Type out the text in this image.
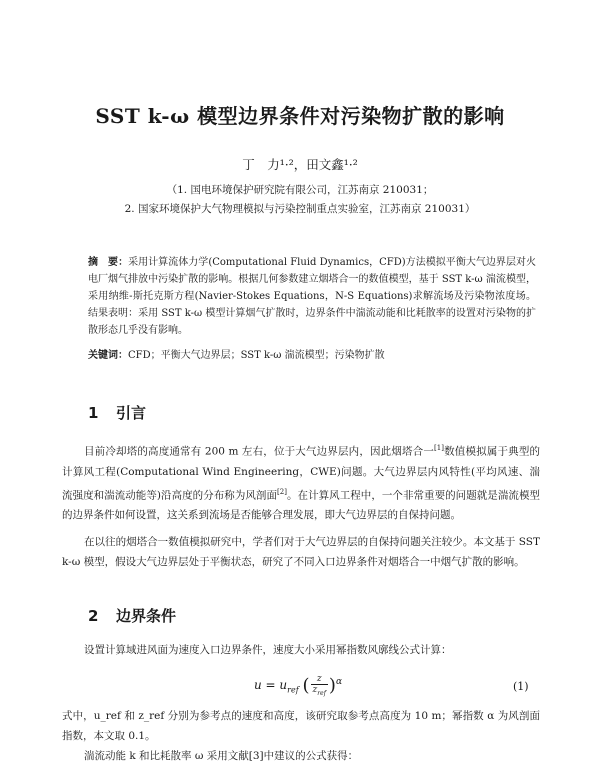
SST k-ω 模型边界条件对污染物扩散的影响
丁　力¹·²，田文鑫¹·²
（1. 国电环境保护研究院有限公司，江苏南京 210031；
2. 国家环境保护大气物理模拟与污染控制重点实验室，江苏南京 210031）
摘　要：采用计算流体力学(Computational Fluid Dynamics，CFD)方法模拟平衡大气边界层对火电厂烟气排放中污染扩散的影响。根据几何参数建立烟塔合一的数值模型，基于 SST k-ω 湍流模型，采用纳维-斯托克斯方程(Navier-Stokes Equations，N-S Equations)求解流场及污染物浓度场。结果表明：采用 SST k-ω 模型计算烟气扩散时，边界条件中湍流动能和比耗散率的设置对污染物的扩散形态几乎没有影响。
关键词：CFD；平衡大气边界层；SST k-ω 湍流模型；污染物扩散
1 引言
目前冷却塔的高度通常有 200 m 左右，位于大气边界层内，因此烟塔合一[1]数值模拟属于典型的计算风工程(Computational Wind Engineering，CWE)问题。大气边界层内风特性(平均风速、湍流强度和湍流动能等)沿高度的分布称为风剖面[2]。在计算风工程中，一个非常重要的问题就是湍流模型的边界条件如何设置，这关系到流场是否能够合理发展，即大气边界层的自保持问题。
在以往的烟塔合一数值模拟研究中，学者们对于大气边界层的自保持问题关注较少。本文基于 SST k-ω 模型，假设大气边界层处于平衡状态，研究了不同入口边界条件对烟塔合一中烟气扩散的影响。
2 边界条件
设置计算域进风面为速度入口边界条件，速度大小采用幂指数风廓线公式计算：
$u = u_{ref}$ ( $\frac{z}{z_{ref}} )^\alpha$	(1)
式中，u_ref 和 z_ref 分别为参考点的速度和高度，该研究取参考点高度为 10 m；幂指数 α 为风剖面指数，本文取 0.1。
湍流动能 k 和比耗散率 ω 采用文献[3]中建议的公式获得：
